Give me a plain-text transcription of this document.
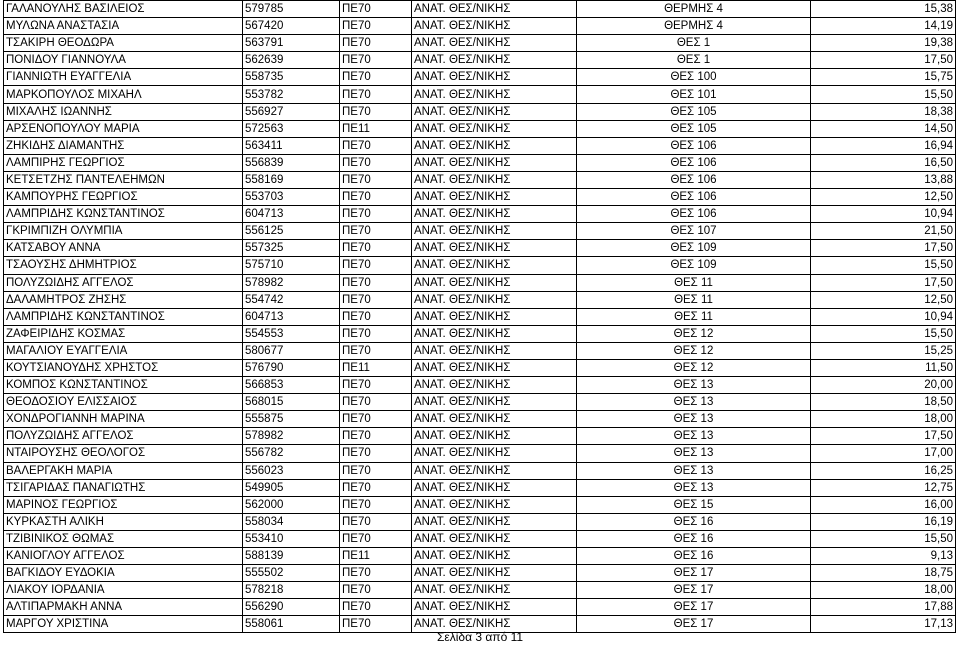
ΓΑΛΑΝΟΥΛΗΣ ΒΑΣΙΛΕΙΟΣ	579785	ΠΕ70	ΑΝΑΤ. ΘΕΣ/ΝΙΚΗΣ	ΘΕΡΜΗΣ 4	15,38
ΜΥΛΩΝΑ ΑΝΑΣΤΑΣΙΑ	567420	ΠΕ70	ΑΝΑΤ. ΘΕΣ/ΝΙΚΗΣ	ΘΕΡΜΗΣ 4	14,19
ΤΣΑΚΙΡΗ ΘΕΟΔΩΡΑ	563791	ΠΕ70	ΑΝΑΤ. ΘΕΣ/ΝΙΚΗΣ	ΘΕΣ 1	19,38
ΠΟΝΙΔΟΥ ΓΙΑΝΝΟΥΛΑ	562639	ΠΕ70	ΑΝΑΤ. ΘΕΣ/ΝΙΚΗΣ	ΘΕΣ 1	17,50
ΓΙΑΝΝΙΩΤΗ ΕΥΑΓΓΕΛΙΑ	558735	ΠΕ70	ΑΝΑΤ. ΘΕΣ/ΝΙΚΗΣ	ΘΕΣ 100	15,75
ΜΑΡΚΟΠΟΥΛΟΣ ΜΙΧΑΗΛ	553782	ΠΕ70	ΑΝΑΤ. ΘΕΣ/ΝΙΚΗΣ	ΘΕΣ 101	15,50
ΜΙΧΑΛΗΣ ΙΩΑΝΝΗΣ	556927	ΠΕ70	ΑΝΑΤ. ΘΕΣ/ΝΙΚΗΣ	ΘΕΣ 105	18,38
ΑΡΣΕΝΟΠΟΥΛΟΥ ΜΑΡΙΑ	572563	ΠΕ11	ΑΝΑΤ. ΘΕΣ/ΝΙΚΗΣ	ΘΕΣ 105	14,50
ΖΗΚΙΔΗΣ ΔΙΑΜΑΝΤΗΣ	563411	ΠΕ70	ΑΝΑΤ. ΘΕΣ/ΝΙΚΗΣ	ΘΕΣ 106	16,94
ΛΑΜΠΙΡΗΣ ΓΕΩΡΓΙΟΣ	556839	ΠΕ70	ΑΝΑΤ. ΘΕΣ/ΝΙΚΗΣ	ΘΕΣ 106	16,50
ΚΕΤΣΕΤΖΗΣ ΠΑΝΤΕΛΕΗΜΩΝ	558169	ΠΕ70	ΑΝΑΤ. ΘΕΣ/ΝΙΚΗΣ	ΘΕΣ 106	13,88
ΚΑΜΠΟΥΡΗΣ ΓΕΩΡΓΙΟΣ	553703	ΠΕ70	ΑΝΑΤ. ΘΕΣ/ΝΙΚΗΣ	ΘΕΣ 106	12,50
ΛΑΜΠΡΙΔΗΣ ΚΩΝΣΤΑΝΤΙΝΟΣ	604713	ΠΕ70	ΑΝΑΤ. ΘΕΣ/ΝΙΚΗΣ	ΘΕΣ 106	10,94
ΓΚΡΙΜΠΙΖΗ ΟΛΥΜΠΙΑ	556125	ΠΕ70	ΑΝΑΤ. ΘΕΣ/ΝΙΚΗΣ	ΘΕΣ 107	21,50
ΚΑΤΣΑΒΟΥ ΑΝΝΑ	557325	ΠΕ70	ΑΝΑΤ. ΘΕΣ/ΝΙΚΗΣ	ΘΕΣ 109	17,50
ΤΣΑΟΥΣΗΣ ΔΗΜΗΤΡΙΟΣ	575710	ΠΕ70	ΑΝΑΤ. ΘΕΣ/ΝΙΚΗΣ	ΘΕΣ 109	15,50
ΠΟΛΥΖΩΙΔΗΣ ΑΓΓΕΛΟΣ	578982	ΠΕ70	ΑΝΑΤ. ΘΕΣ/ΝΙΚΗΣ	ΘΕΣ 11	17,50
ΔΑΛΑΜΗΤΡΟΣ ΖΗΣΗΣ	554742	ΠΕ70	ΑΝΑΤ. ΘΕΣ/ΝΙΚΗΣ	ΘΕΣ 11	12,50
ΛΑΜΠΡΙΔΗΣ ΚΩΝΣΤΑΝΤΙΝΟΣ	604713	ΠΕ70	ΑΝΑΤ. ΘΕΣ/ΝΙΚΗΣ	ΘΕΣ 11	10,94
ΖΑΦΕΙΡΙΔΗΣ ΚΟΣΜΑΣ	554553	ΠΕ70	ΑΝΑΤ. ΘΕΣ/ΝΙΚΗΣ	ΘΕΣ 12	15,50
ΜΑΓΑΛΙΟΥ ΕΥΑΓΓΕΛΙΑ	580677	ΠΕ70	ΑΝΑΤ. ΘΕΣ/ΝΙΚΗΣ	ΘΕΣ 12	15,25
ΚΟΥΤΣΙΑΝΟΥΔΗΣ ΧΡΗΣΤΟΣ	576790	ΠΕ11	ΑΝΑΤ. ΘΕΣ/ΝΙΚΗΣ	ΘΕΣ 12	11,50
ΚΟΜΠΟΣ ΚΩΝΣΤΑΝΤΙΝΟΣ	566853	ΠΕ70	ΑΝΑΤ. ΘΕΣ/ΝΙΚΗΣ	ΘΕΣ 13	20,00
ΘΕΟΔΟΣΙΟΥ ΕΛΙΣΣΑΙΟΣ	568015	ΠΕ70	ΑΝΑΤ. ΘΕΣ/ΝΙΚΗΣ	ΘΕΣ 13	18,50
ΧΟΝΔΡΟΓΙΑΝΝΗ ΜΑΡΙΝΑ	555875	ΠΕ70	ΑΝΑΤ. ΘΕΣ/ΝΙΚΗΣ	ΘΕΣ 13	18,00
ΠΟΛΥΖΩΙΔΗΣ ΑΓΓΕΛΟΣ	578982	ΠΕ70	ΑΝΑΤ. ΘΕΣ/ΝΙΚΗΣ	ΘΕΣ 13	17,50
ΝΤΑΙΡΟΥΣΗΣ ΘΕΟΛΟΓΟΣ	556782	ΠΕ70	ΑΝΑΤ. ΘΕΣ/ΝΙΚΗΣ	ΘΕΣ 13	17,00
ΒΑΛΕΡΓΑΚΗ ΜΑΡΙΑ	556023	ΠΕ70	ΑΝΑΤ. ΘΕΣ/ΝΙΚΗΣ	ΘΕΣ 13	16,25
ΤΣΙΓΑΡΙΔΑΣ ΠΑΝΑΓΙΩΤΗΣ	549905	ΠΕ70	ΑΝΑΤ. ΘΕΣ/ΝΙΚΗΣ	ΘΕΣ 13	12,75
ΜΑΡΙΝΟΣ ΓΕΩΡΓΙΟΣ	562000	ΠΕ70	ΑΝΑΤ. ΘΕΣ/ΝΙΚΗΣ	ΘΕΣ 15	16,00
ΚΥΡΚΑΣΤΗ ΑΛΙΚΗ	558034	ΠΕ70	ΑΝΑΤ. ΘΕΣ/ΝΙΚΗΣ	ΘΕΣ 16	16,19
ΤΖΙΒΙΝΙΚΟΣ ΘΩΜΑΣ	553410	ΠΕ70	ΑΝΑΤ. ΘΕΣ/ΝΙΚΗΣ	ΘΕΣ 16	15,50
ΚΑΝΙΟΓΛΟΥ ΑΓΓΕΛΟΣ	588139	ΠΕ11	ΑΝΑΤ. ΘΕΣ/ΝΙΚΗΣ	ΘΕΣ 16	9,13
ΒΑΓΚΙΔΟΥ ΕΥΔΟΚΙΑ	555502	ΠΕ70	ΑΝΑΤ. ΘΕΣ/ΝΙΚΗΣ	ΘΕΣ 17	18,75
ΛΙΑΚΟΥ ΙΟΡΔΑΝΙΑ	578218	ΠΕ70	ΑΝΑΤ. ΘΕΣ/ΝΙΚΗΣ	ΘΕΣ 17	18,00
ΑΛΤΙΠΑΡΜΑΚΗ ΑΝΝΑ	556290	ΠΕ70	ΑΝΑΤ. ΘΕΣ/ΝΙΚΗΣ	ΘΕΣ 17	17,88
ΜΑΡΓΟΥ ΧΡΙΣΤΙΝΑ	558061	ΠΕ70	ΑΝΑΤ. ΘΕΣ/ΝΙΚΗΣ	ΘΕΣ 17	17,13
Σελίδα 3 από 11
